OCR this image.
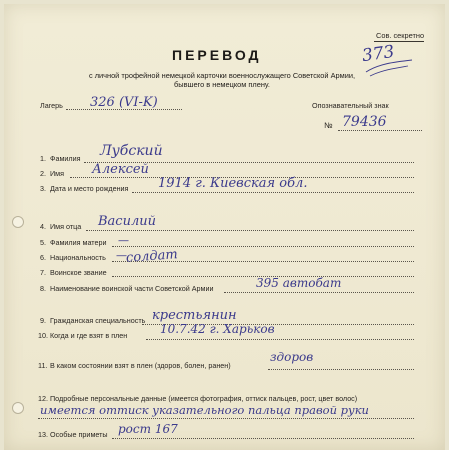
Сов. секретно
373
ПЕРЕВОД
с личной трофейной немецкой карточки военнослужащего Советской Армии,
бывшего в немецком плену.
Лагерь 326 (VI-K)	Опознавательный знак
№ 79436
1. Фамилия Лубский
2. Имя Алексей
3. Дата и место рождения 1914 г. Киевская обл.
4. Имя отца Василий
5. Фамилия матери —
6. Национальность —
7. Воинское звание
солдат
8. Наименование воинской части Советской Армии	395 автобат
9. Гражданская специальность крестьянин
10. Когда и где взят в плен	10.7.42 г. Харьков
11. В каком состоянии взят в плен (здоров, болен, ранен)
здоров
12. Подробные персональные данные (имеется фотография, оттиск пальцев, рост, цвет волос)
имеется оттиск указательного пальца правой руки
13. Особые приметы рост 167
